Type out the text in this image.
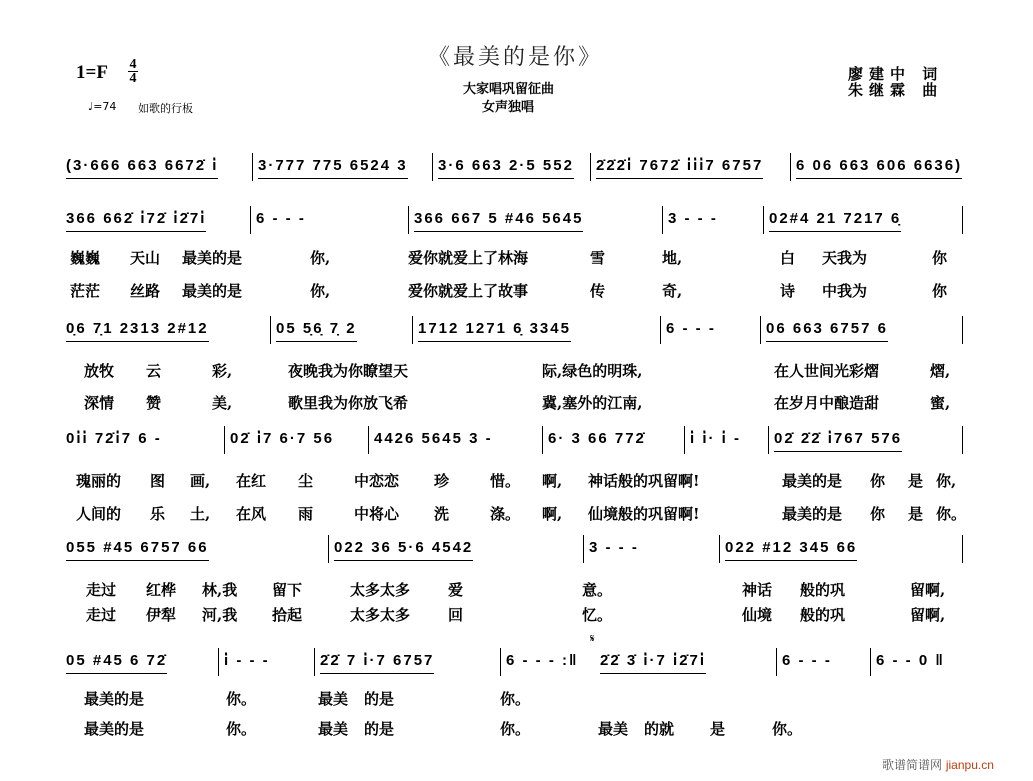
1=F 4
4
♩=74 如歌的行板
《最美的是你》
大家唱巩留征曲
女声独唱
廖建中 词
朱继霖 曲
(3·666 663 6672̇ i̇	3·777 775 6524 3	3·6 663 2·5 552	2̇2̇2̇i̇ 7672̇ i̇i̇i̇7 6757	6 06 663 606 6636)
366 662̇ i̇72̇ i̇2̇7i̇	6 - - -	366 667 5 #46 5645	3 - - -	02#4 21 7217 6̣
巍巍 天山 最美的是	你,	爱你就爱上了林海	雪	地,	白 天我为	你
茫茫 丝路 最美的是	你,	爱你就爱上了故事	传	奇,	诗 中我为	你
0̣6 7̣1 2313 2#12	05 5̣6̣ 7̣ 2	1712 1271 6̣ 3345	6 - - -	06 663 6757 6
放牧 云	彩,	夜晚我为你瞭望天	际,绿色的明珠,	在人世间光彩熠	熠,
深情 赞	美,	歌里我为你放飞希	冀,塞外的江南,	在岁月中酿造甜	蜜,
0i̇i̇ 72̇i̇7 6 -	02̇ i̇7 6·7 56	4426 5645 3 -	6· 3 66 772̇	i̇ i̇· i̇ -	02̇ 2̇2̇ i̇767 576
瑰丽的 图 画, 在红 尘	中恋恋 珍	惜。 啊, 神话般的巩留啊!	最美的是 你 是 你,
人间的 乐 土, 在风 雨	中将心 洗	涤。 啊, 仙境般的巩留啊!	最美的是 你 是 你。
055 #45 6757 66	022 36 5·6 4542	3 - - -	022 #12 345 66
走过 红桦 林,我 留下	太多太多	爱	意。	神话 般的巩	留啊,
走过 伊犁 河,我 拾起	太多太多	回	忆。	仙境 般的巩	留啊,
𝄋
05 #45 6 72̇	i̇ - - -	2̇2̇ 7 i̇·7 6757	6 - - - :‖	2̇2̇ 3̇ i̇·7 i̇2̇7i̇	6 - - -	6 - - 0 ‖
最美的是	你。	最美 的是	你。
最美的是	你。	最美 的是	你。	最美 的就 是	你。
歌谱简谱网 jianpu.cn
